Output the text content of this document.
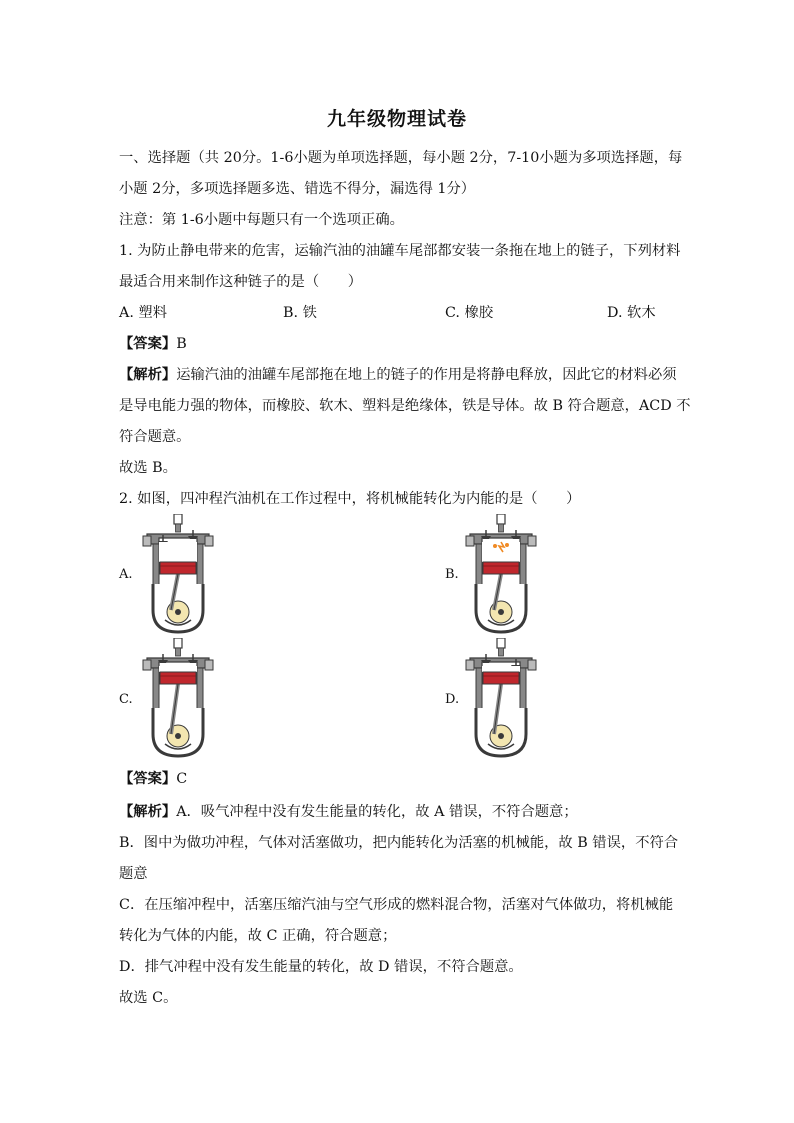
九年级物理试卷
一、选择题（共 20分。1-6小题为单项选择题，每小题 2分，7-10小题为多项选择题，每
小题 2分，多项选择题多选、错选不得分，漏选得 1分）
注意：第 1-6小题中每题只有一个选项正确。
1. 为防止静电带来的危害，运输汽油的油罐车尾部都安装一条拖在地上的链子，下列材料
最适合用来制作这种链子的是（　　）
A. 塑料	B. 铁	C. 橡胶	D. 软木
【答案】B
【解析】运输汽油的油罐车尾部拖在地上的链子的作用是将静电释放，因此它的材料必须
是导电能力强的物体，而橡胶、软木、塑料是绝缘体，铁是导体。故 B 符合题意，ACD 不
符合题意。
故选 B。
2. 如图，四冲程汽油机在工作过程中，将机械能转化为内能的是（　　）
A.	B.
C.	D.
【答案】C
【解析】A．吸气冲程中没有发生能量的转化，故 A 错误，不符合题意；
B．图中为做功冲程，气体对活塞做功，把内能转化为活塞的机械能，故 B 错误，不符合
题意
C．在压缩冲程中，活塞压缩汽油与空气形成的燃料混合物，活塞对气体做功，将机械能
转化为气体的内能，故 C 正确，符合题意；
D．排气冲程中没有发生能量的转化，故 D 错误，不符合题意。
故选 C。
